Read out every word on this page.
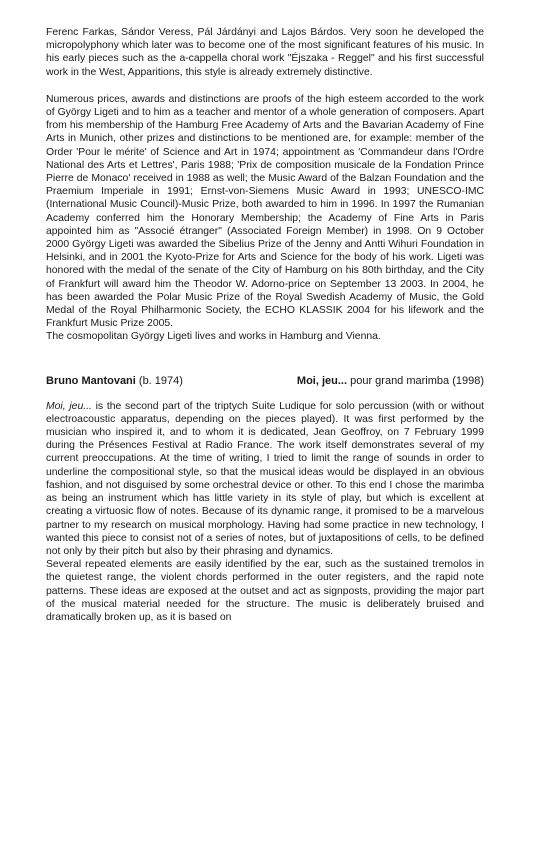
Ferenc Farkas, Sándor Veress, Pál Járdányi and Lajos Bárdos. Very soon he developed the micropolyphony which later was to become one of the most significant features of his music. In his early pieces such as the a-cappella choral work "Éjszaka - Reggel" and his first successful work in the West, Apparitions, this style is already extremely distinctive.

Numerous prices, awards and distinctions are proofs of the high esteem accorded to the work of György Ligeti and to him as a teacher and mentor of a whole generation of composers. Apart from his membership of the Hamburg Free Academy of Arts and the Bavarian Academy of Fine Arts in Munich, other prizes and distinctions to be mentioned are, for example: member of the Order 'Pour le mérite' of Science and Art in 1974; appointment as 'Commandeur dans l'Ordre National des Arts et Lettres', Paris 1988; 'Prix de composition musicale de la Fondation Prince Pierre de Monaco' received in 1988 as well; the Music Award of the Balzan Foundation and the Praemium Imperiale in 1991; Ernst-von-Siemens Music Award in 1993; UNESCO-IMC (International Music Council)-Music Prize, both awarded to him in 1996. In 1997 the Rumanian Academy conferred him the Honorary Membership; the Academy of Fine Arts in Paris appointed him as "Associé étranger" (Associated Foreign Member) in 1998. On 9 October 2000 György Ligeti was awarded the Sibelius Prize of the Jenny and Antti Wihuri Foundation in Helsinki, and in 2001 the Kyoto-Prize for Arts and Science for the body of his work. Ligeti was honored with the medal of the senate of the City of Hamburg on his 80th birthday, and the City of Frankfurt will award him the Theodor W. Adorno-price on September 13 2003. In 2004, he has been awarded the Polar Music Prize of the Royal Swedish Academy of Music, the Gold Medal of the Royal Philharmonic Society, the ECHO KLASSIK 2004 for his lifework and the Frankfurt Music Prize 2005.

The cosmopolitan György Ligeti lives and works in Hamburg and Vienna.

Bruno Mantovani (b. 1974)	Moi, jeu... pour grand marimba (1998)

Moi, jeu... is the second part of the triptych Suite Ludique for solo percussion (with or without electroacoustic apparatus, depending on the pieces played). It was first performed by the musician who inspired it, and to whom it is dedicated, Jean Geoffroy, on 7 February 1999 during the Présences Festival at Radio France. The work itself demonstrates several of my current preoccupations. At the time of writing, I tried to limit the range of sounds in order to underline the compositional style, so that the musical ideas would be displayed in an obvious fashion, and not disguised by some orchestral device or other. To this end I chose the marimba as being an instrument which has little variety in its style of play, but which is excellent at creating a virtuosic flow of notes. Because of its dynamic range, it promised to be a marvelous partner to my research on musical morphology. Having had some practice in new technology, I wanted this piece to consist not of a series of notes, but of juxtapositions of cells, to be defined not only by their pitch but also by their phrasing and dynamics.

Several repeated elements are easily identified by the ear, such as the sustained tremolos in the quietest range, the violent chords performed in the outer registers, and the rapid note patterns. These ideas are exposed at the outset and act as signposts, providing the major part of the musical material needed for the structure. The music is deliberately bruised and dramatically broken up, as it is based on
